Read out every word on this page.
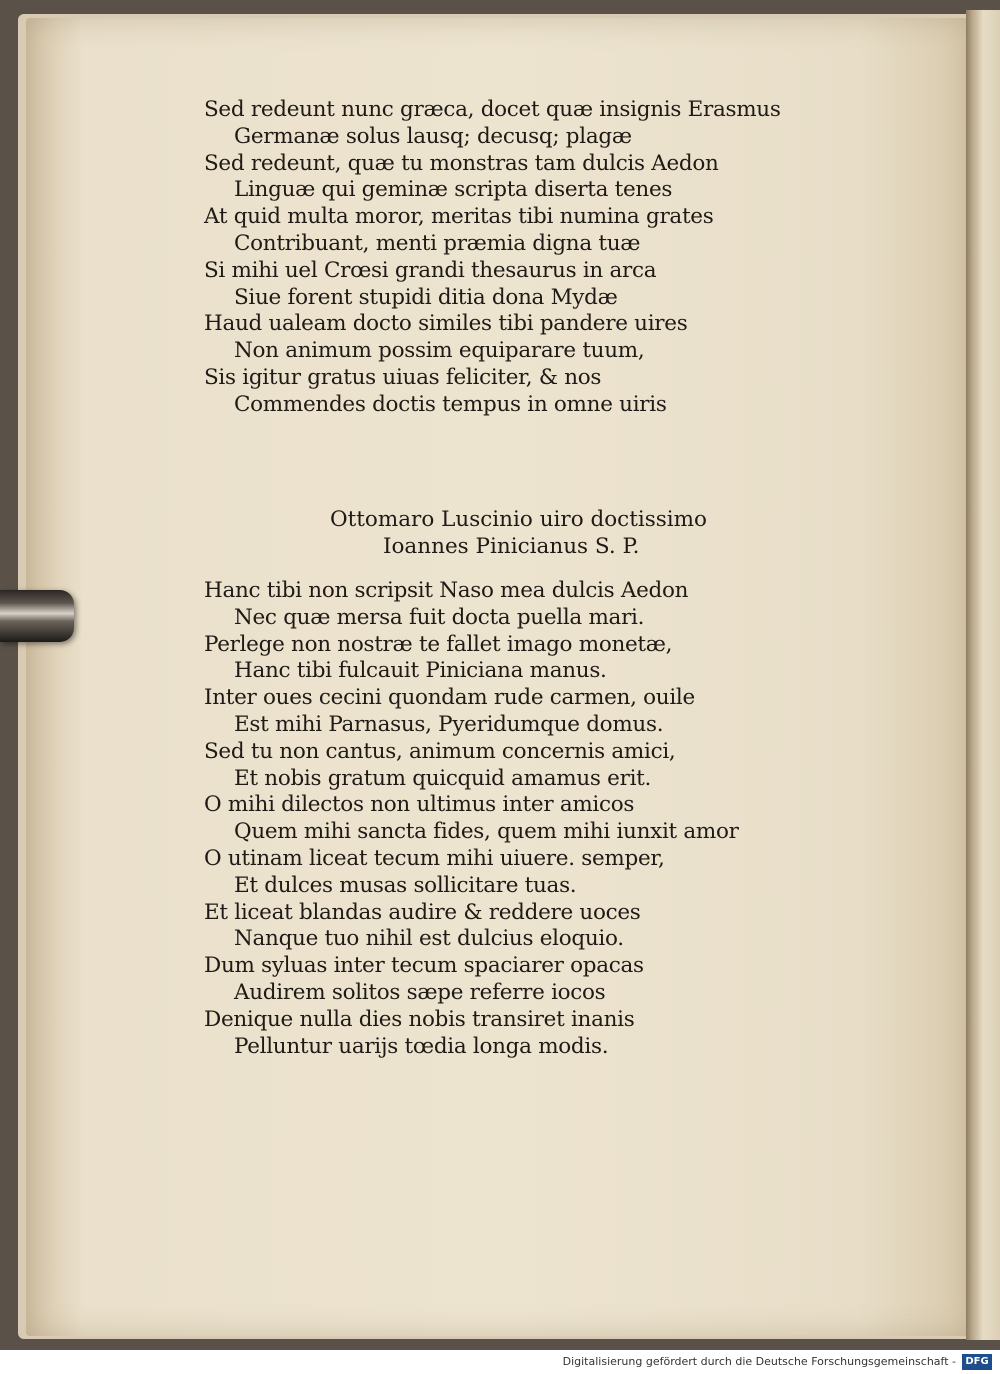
Sed redeunt nunc græca, docet quæ insignis Erasmus
Germanæ solus lausq; decusq; plagæ
Sed redeunt, quæ tu monstras tam dulcis Aedon
Linguæ qui geminæ scripta diserta tenes
At quid multa moror, meritas tibi numina grates
Contribuant, menti præmia digna tuæ
Si mihi uel Crœsi grandi thesaurus in arca
Siue forent stupidi ditia dona Mydæ
Haud ualeam docto similes tibi pandere uires
Non animum possim equiparare tuum,
Sis igitur gratus uiuas feliciter, & nos
Commendes doctis tempus in omne uiris
Ottomaro Luscinio uiro doctissimo
Ioannes Pinicianus S. P.
Hanc tibi non scripsit Naso mea dulcis Aedon
Nec quæ mersa fuit docta puella mari.
Perlege non nostræ te fallet imago monetæ,
Hanc tibi fulcauit Piniciana manus.
Inter oues cecini quondam rude carmen, ouile
Est mihi Parnasus, Pyeridumque domus.
Sed tu non cantus, animum concernis amici,
Et nobis gratum quicquid amamus erit.
O mihi dilectos non ultimus inter amicos
Quem mihi sancta fides, quem mihi iunxit amor
O utinam liceat tecum mihi uiuere. semper,
Et dulces musas sollicitare tuas.
Et liceat blandas audire & reddere uoces
Nanque tuo nihil est dulcius eloquio.
Dum syluas inter tecum spaciarer opacas
Audirem solitos sæpe referre iocos
Denique nulla dies nobis transiret inanis
Pelluntur uarijs tœdia longa modis.
Digitalisierung gefördert durch die Deutsche Forschungsgemeinschaft - DFG
